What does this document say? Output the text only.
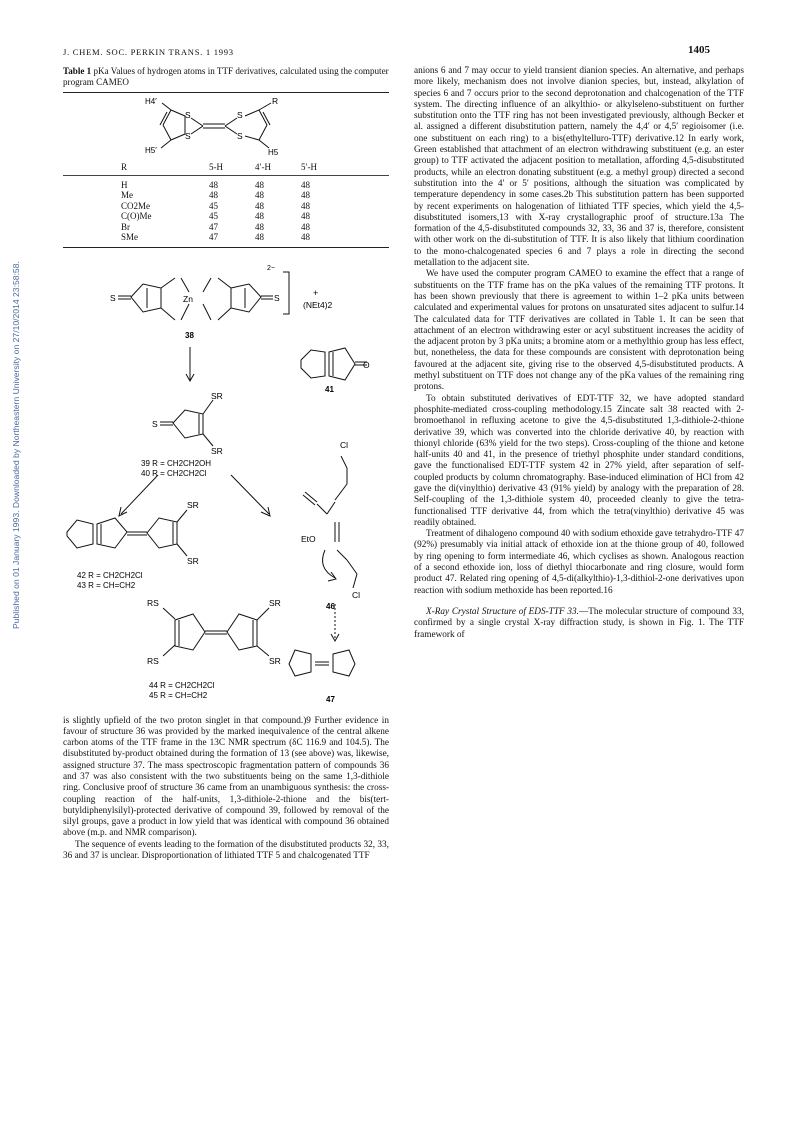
Published on 01 January 1993. Downloaded by Northeastern University on 27/10/2014 23:58:58.
J. CHEM. SOC. PERKIN TRANS. 1 1993	1405

Table 1 pKa Values of hydrogen atoms in TTF derivatives, calculated using the computer program CAMEO

H4′
H5′	H5
R
S
S
S
S
R	5-H	4′-H	5′-H
H	48	48	48
Me	48	48	48
CO2Me	45	48	48
C(O)Me	45	48	48
Br	47	48	48
SMe	47	48	48
2−
+
(NEt4)2
S	S
Zn
38
S
SR
SR
39 R = CH2CH2OH
40 R = CH2CH2Cl
O
41
SR
SR
42 R = CH2CH2Cl
43 R = CH=CH2
Cl
EtO
Cl
46
RS
RS
SR
SR
44 R = CH2CH2Cl
45 R = CH=CH2	47

is slightly upfield of the two proton singlet in that compound.)9 Further evidence in favour of structure 36 was provided by the marked inequivalence of the central alkene carbon atoms of the TTF frame in the 13C NMR spectrum (δC 116.9 and 104.5). The disubstituted by-product obtained during the formation of 13 (see above) was, likewise, assigned structure 37. The mass spectroscopic fragmentation pattern of compounds 36 and 37 was also consistent with the two substituents being on the same 1,3-dithiole ring. Conclusive proof of structure 36 came from an unambiguous synthesis: the cross-coupling reaction of the half-units, 1,3-dithiole-2-thione and the bis(tert-butyldiphenylsilyl)-protected derivative of compound 39, followed by removal of the silyl groups, gave a product in low yield that was identical with compound 36 obtained above (m.p. and NMR comparison).

The sequence of events leading to the formation of the disubstituted products 32, 33, 36 and 37 is unclear. Disproportionation of lithiated TTF 5 and chalcogenated TTF

anions 6 and 7 may occur to yield transient dianion species. An alternative, and perhaps more likely, mechanism does not involve dianion species, but, instead, alkylation of species 6 and 7 occurs prior to the second deprotonation and chalcogenation of the TTF system. The directing influence of an alkylthio- or alkylseleno-substituent on further substitution onto the TTF ring has not been investigated previously, although Becker et al. assigned a different disubstitution pattern, namely the 4,4′ or 4,5′ regioisomer (i.e. one substituent on each ring) to a bis(ethyltelluro-TTF) derivative.12 In early work, Green established that attachment of an electron withdrawing substituent (e.g. an ester group) to TTF activated the adjacent position to metallation, affording 4,5-disubstituted products, while an electron donating substituent (e.g. a methyl group) directed a second substitution into the 4′ or 5′ positions, although the situation was complicated by temperature dependency in some cases.2b This substitution pattern has been supported by recent experiments on halogenation of lithiated TTF species, which yield the 4,5-disubstituted isomers,13 with X-ray crystallographic proof of structure.13a The formation of the 4,5-disubstituted compounds 32, 33, 36 and 37 is, therefore, consistent with other work on the di-substitution of TTF. It is also likely that lithium coordination to the mono-chalcogenated species 6 and 7 plays a role in directing the second metallation to the adjacent site.

We have used the computer program CAMEO to examine the effect that a range of substituents on the TTF frame has on the pKa values of the remaining TTF protons. It has been shown previously that there is agreement to within 1–2 pKa units between calculated and experimental values for protons on unsaturated sites adjacent to sulfur.14 The calculated data for TTF derivatives are collated in Table 1. It can be seen that attachment of an electron withdrawing ester or acyl substituent increases the acidity of the adjacent proton by 3 pKa units; a bromine atom or a methylthio group has less effect, but, nonetheless, the data for these compounds are consistent with deprotonation being favoured at the adjacent site, giving rise to the observed 4,5-disubstituted products. A methyl substituent on TTF does not change any of the pKa values of the remaining ring protons.

To obtain substituted derivatives of EDT-TTF 32, we have adopted standard phosphite-mediated cross-coupling methodology.15 Zincate salt 38 reacted with 2-bromoethanol in refluxing acetone to give the 4,5-disubstituted 1,3-dithiole-2-thione derivative 39, which was converted into the chloride derivative 40, by reaction with thionyl chloride (63% yield for the two steps). Cross-coupling of the thione and ketone half-units 40 and 41, in the presence of triethyl phosphite under standard conditions, gave the functionalised EDT-TTF system 42 in 27% yield, after separation of self-coupled products by column chromatography. Base-induced elimination of HCl from 42 gave the di(vinylthio) derivative 43 (91% yield) by analogy with the preparation of 28. Self-coupling of the 1,3-dithiole system 40, proceeded cleanly to give the tetra-functionalised TTF derivative 44, from which the tetra(vinylthio) derivative 45 was readily obtained.

Treatment of dihalogeno compound 40 with sodium ethoxide gave tetrahydro-TTF 47 (92%) presumably via initial attack of ethoxide ion at the thione group of 40, followed by ring opening to form intermediate 46, which cyclises as shown. Analogous reaction of a second ethoxide ion, loss of diethyl thiocarbonate and ring closure, would form product 47. Related ring opening of 4,5-di(alkylthio)-1,3-dithiol-2-one derivatives upon reaction with sodium methoxide has been reported.16

X-Ray Crystal Structure of EDS-TTF 33.—The molecular structure of compound 33, confirmed by a single crystal X-ray diffraction study, is shown in Fig. 1. The TTF framework of
